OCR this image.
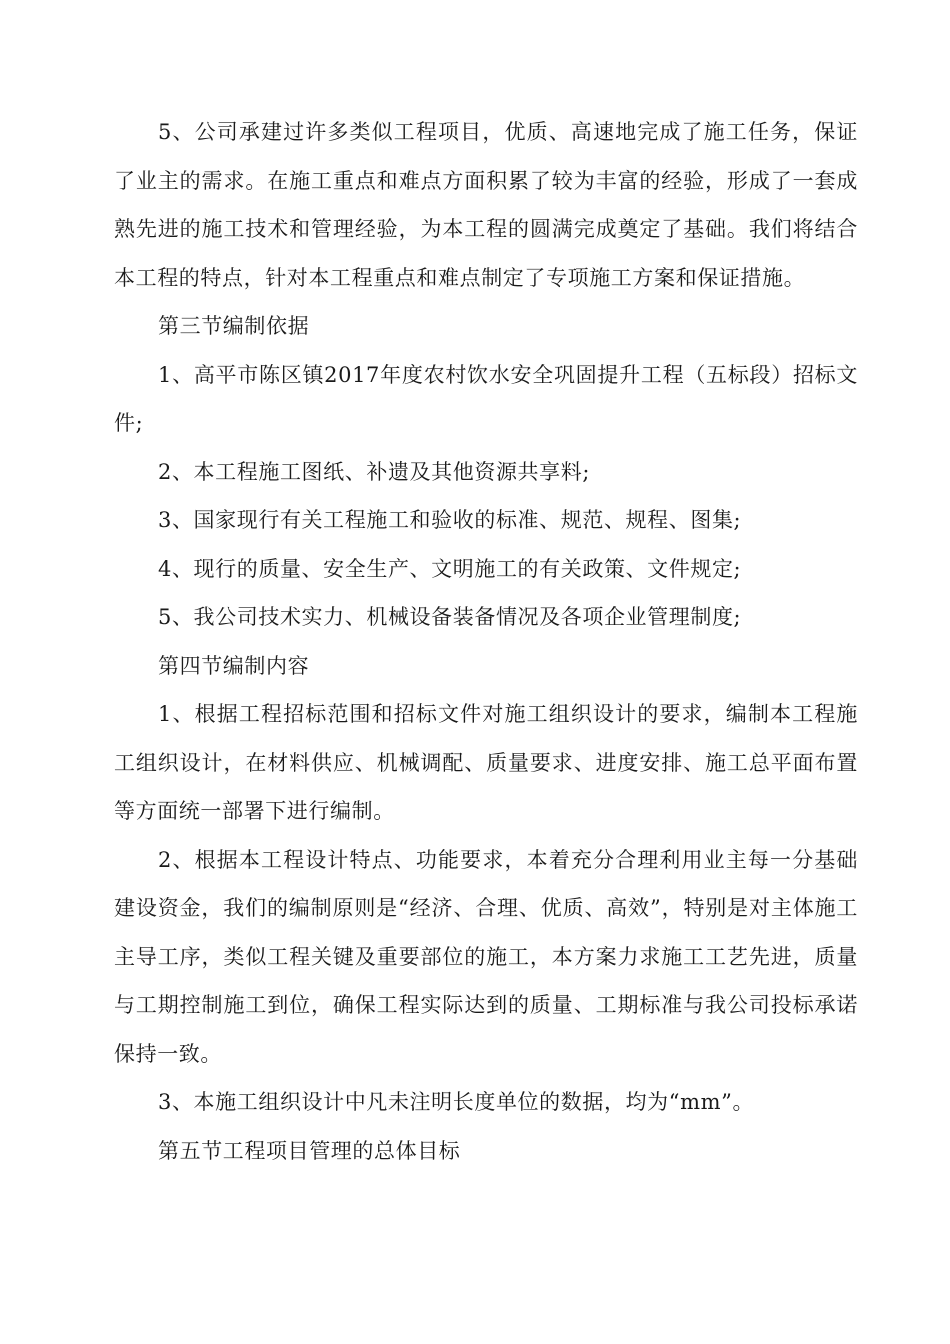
5、公司承建过许多类似工程项目，优质、高速地完成了施工任务，保证了业主的需求。在施工重点和难点方面积累了较为丰富的经验，形成了一套成熟先进的施工技术和管理经验，为本工程的圆满完成奠定了基础。我们将结合本工程的特点，针对本工程重点和难点制定了专项施工方案和保证措施。

第三节编制依据

1、高平市陈区镇2017年度农村饮水安全巩固提升工程（五标段）招标文件;

2、本工程施工图纸、补遗及其他资源共享料;

3、国家现行有关工程施工和验收的标准、规范、规程、图集;

4、现行的质量、安全生产、文明施工的有关政策、文件规定;

5、我公司技术实力、机械设备装备情况及各项企业管理制度;

第四节编制内容

1、根据工程招标范围和招标文件对施工组织设计的要求，编制本工程施工组织设计，在材料供应、机械调配、质量要求、进度安排、施工总平面布置等方面统一部署下进行编制。

2、根据本工程设计特点、功能要求，本着充分合理利用业主每一分基础建设资金，我们的编制原则是“经济、合理、优质、高效”，特别是对主体施工主导工序，类似工程关键及重要部位的施工，本方案力求施工工艺先进，质量与工期控制施工到位，确保工程实际达到的质量、工期标准与我公司投标承诺保持一致。

3、本施工组织设计中凡未注明长度单位的数据，均为“mm”。

第五节工程项目管理的总体目标
